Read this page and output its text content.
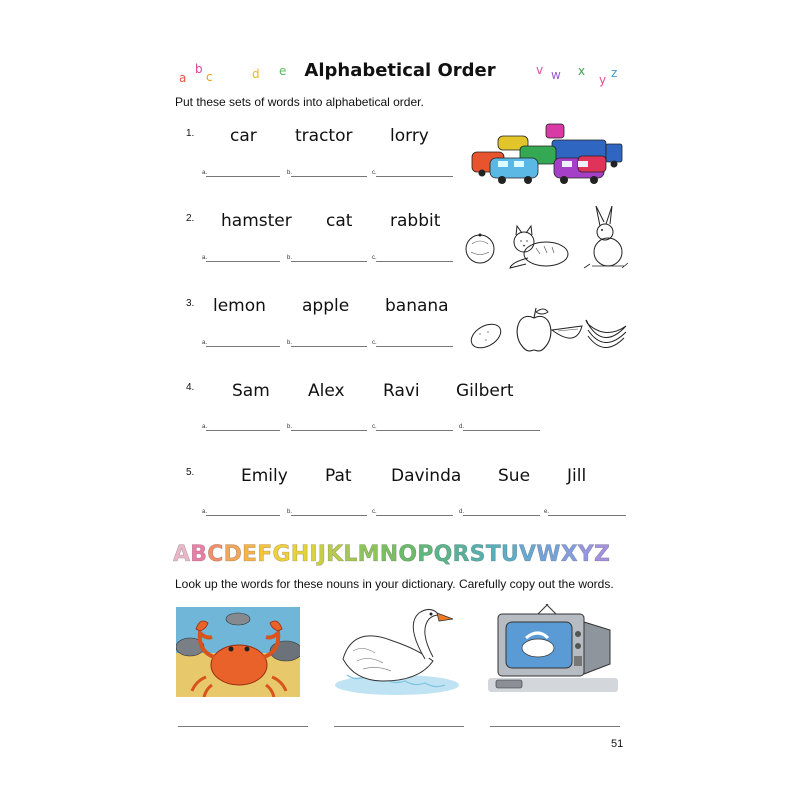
a
b
c	d e	Alphabetical Order	v w x
y z
Put these sets of words into alphabetical order.
1. car tractor lorry
a.	b.	c.
2. hamster cat rabbit
a.	b.	c.
3. lemon apple banana
a.	b.	c.
4. Sam Alex Ravi Gilbert
a.	b.	c.	d.
5.	Emily Pat Davinda Sue Jill
a.	b.	c.	d.	e.
ABCDEFGHIJKLMNOPQRSTUVWXYZ
Look up the words for these nouns in your dictionary. Carefully copy out the words.
51
